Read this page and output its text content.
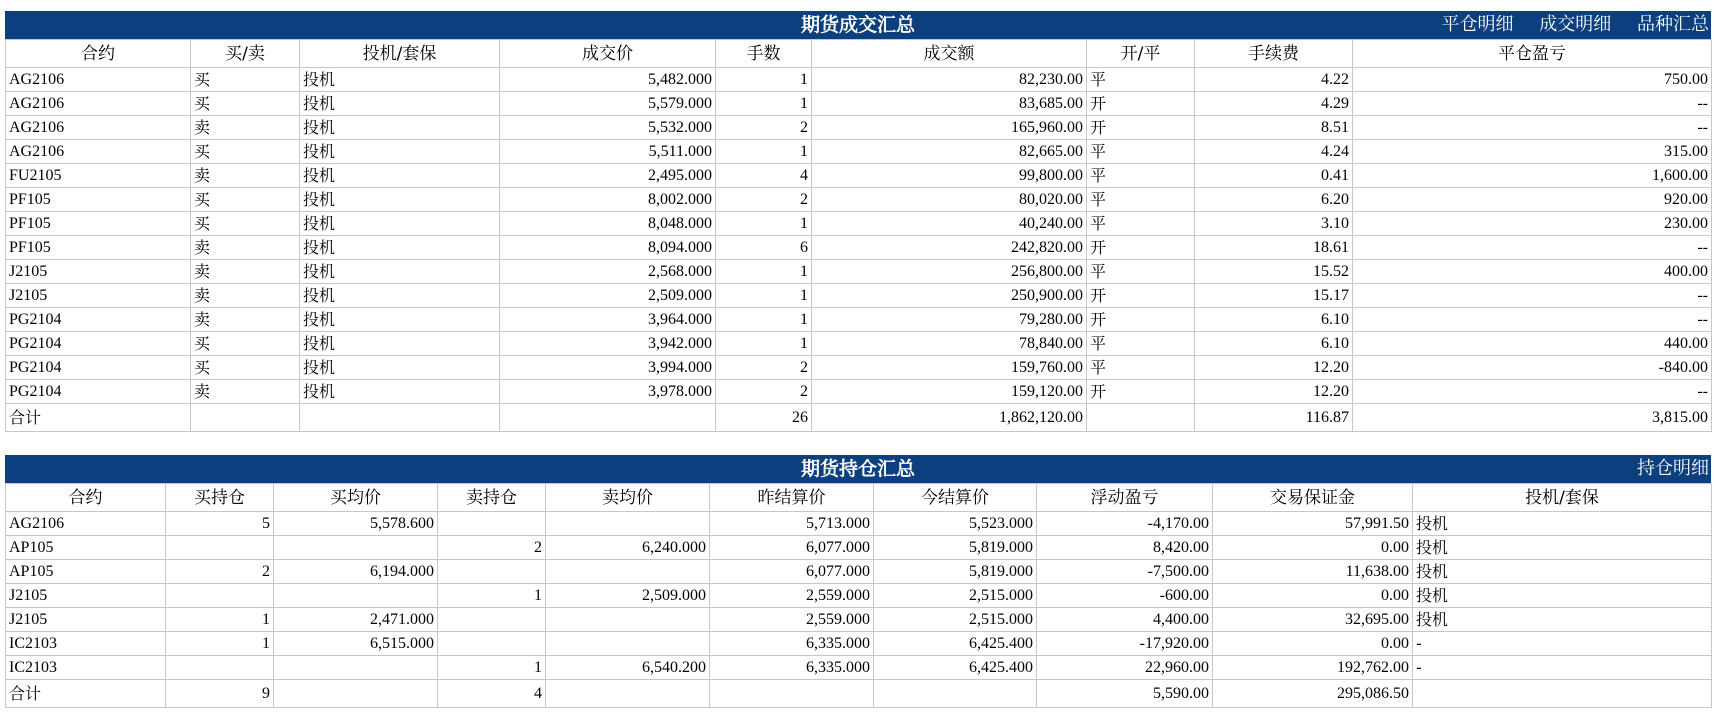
期货成交汇总	平仓明细 成交明细 品种汇总
合约	买/卖	投机/套保	成交价	手数	成交额	开/平	手续费	平仓盈亏
AG2106	买	投机	5,482.000	1	82,230.00	平	4.22	750.00
AG2106	买	投机	5,579.000	1	83,685.00	开	4.29	--
AG2106	卖	投机	5,532.000	2	165,960.00	开	8.51	--
AG2106	买	投机	5,511.000	1	82,665.00	平	4.24	315.00
FU2105	卖	投机	2,495.000	4	99,800.00	平	0.41	1,600.00
PF105	买	投机	8,002.000	2	80,020.00	平	6.20	920.00
PF105	买	投机	8,048.000	1	40,240.00	平	3.10	230.00
PF105	卖	投机	8,094.000	6	242,820.00	开	18.61	--
J2105	卖	投机	2,568.000	1	256,800.00	平	15.52	400.00
J2105	卖	投机	2,509.000	1	250,900.00	开	15.17	--
PG2104	卖	投机	3,964.000	1	79,280.00	开	6.10	--
PG2104	买	投机	3,942.000	1	78,840.00	平	6.10	440.00
PG2104	买	投机	3,994.000	2	159,760.00	平	12.20	-840.00
PG2104	卖	投机	3,978.000	2	159,120.00	开	12.20	--
合计				26	1,862,120.00		116.87	3,815.00
期货持仓汇总	持仓明细
合约	买持仓	买均价	卖持仓	卖均价	昨结算价	今结算价	浮动盈亏	交易保证金	投机/套保
AG2106	5	5,578.600			5,713.000	5,523.000	-4,170.00	57,991.50	投机
AP105			2	6,240.000	6,077.000	5,819.000	8,420.00	0.00	投机
AP105	2	6,194.000			6,077.000	5,819.000	-7,500.00	11,638.00	投机
J2105			1	2,509.000	2,559.000	2,515.000	-600.00	0.00	投机
J2105	1	2,471.000			2,559.000	2,515.000	4,400.00	32,695.00	投机
IC2103	1	6,515.000			6,335.000	6,425.400	-17,920.00	0.00	-
IC2103			1	6,540.200	6,335.000	6,425.400	22,960.00	192,762.00	-
合计	9		4				5,590.00	295,086.50	
